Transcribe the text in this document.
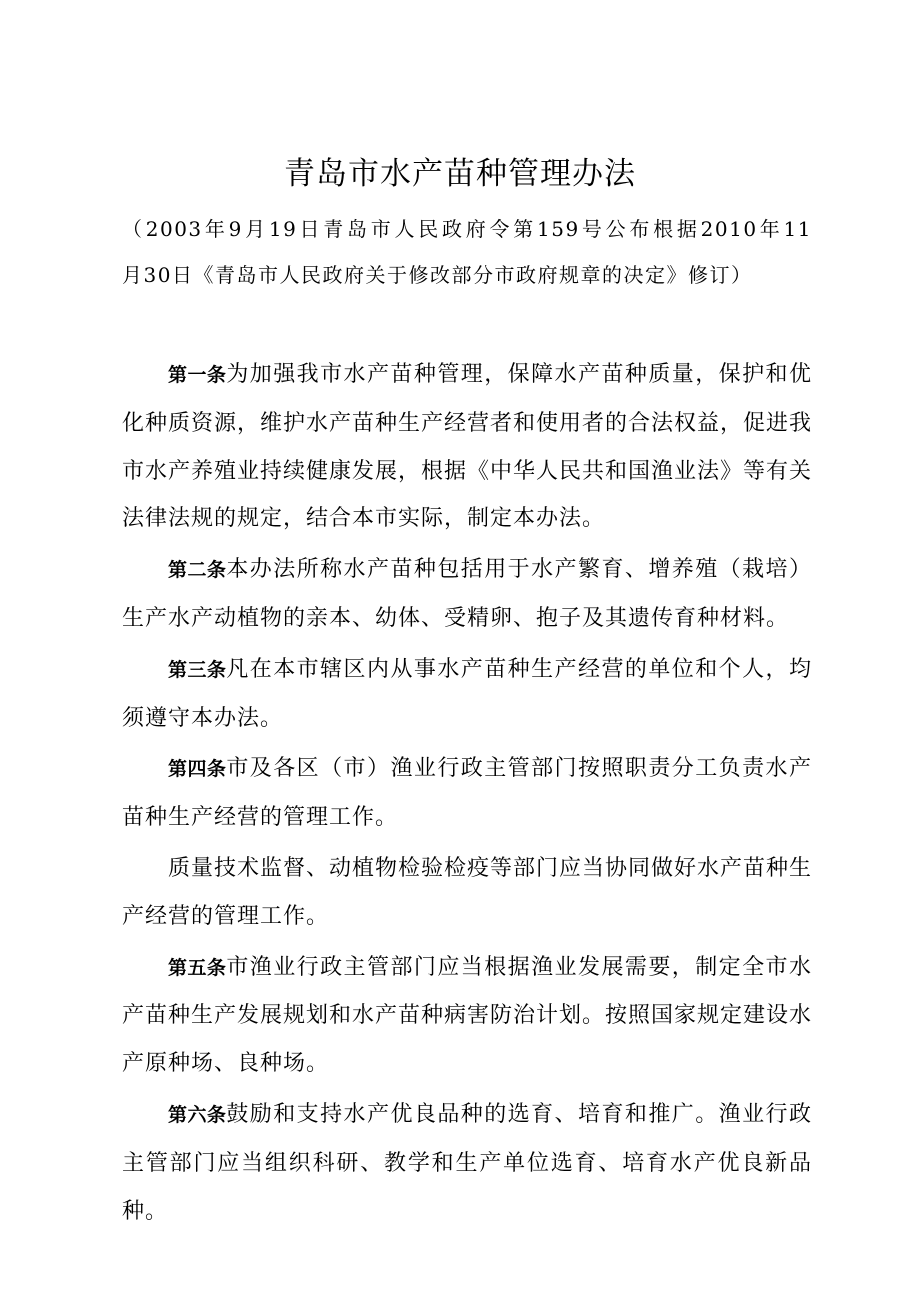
青岛市水产苗种管理办法
（2003年9月19日青岛市人民政府令第159号公布根据2010年11
月30日《青岛市人民政府关于修改部分市政府规章的决定》修订）

第一条为加强我市水产苗种管理，保障水产苗种质量，保护和优化种质资源，维护水产苗种生产经营者和使用者的合法权益，促进我市水产养殖业持续健康发展，根据《中华人民共和国渔业法》等有关法律法规的规定，结合本市实际，制定本办法。

第二条本办法所称水产苗种包括用于水产繁育、增养殖（栽培）生产水产动植物的亲本、幼体、受精卵、抱子及其遗传育种材料。

第三条凡在本市辖区内从事水产苗种生产经营的单位和个人，均须遵守本办法。

第四条市及各区（市）渔业行政主管部门按照职责分工负责水产苗种生产经营的管理工作。

质量技术监督、动植物检验检疫等部门应当协同做好水产苗种生产经营的管理工作。

第五条市渔业行政主管部门应当根据渔业发展需要，制定全市水产苗种生产发展规划和水产苗种病害防治计划。按照国家规定建设水产原种场、良种场。

第六条鼓励和支持水产优良品种的选育、培育和推广。渔业行政主管部门应当组织科研、教学和生产单位选育、培育水产优良新品种。
